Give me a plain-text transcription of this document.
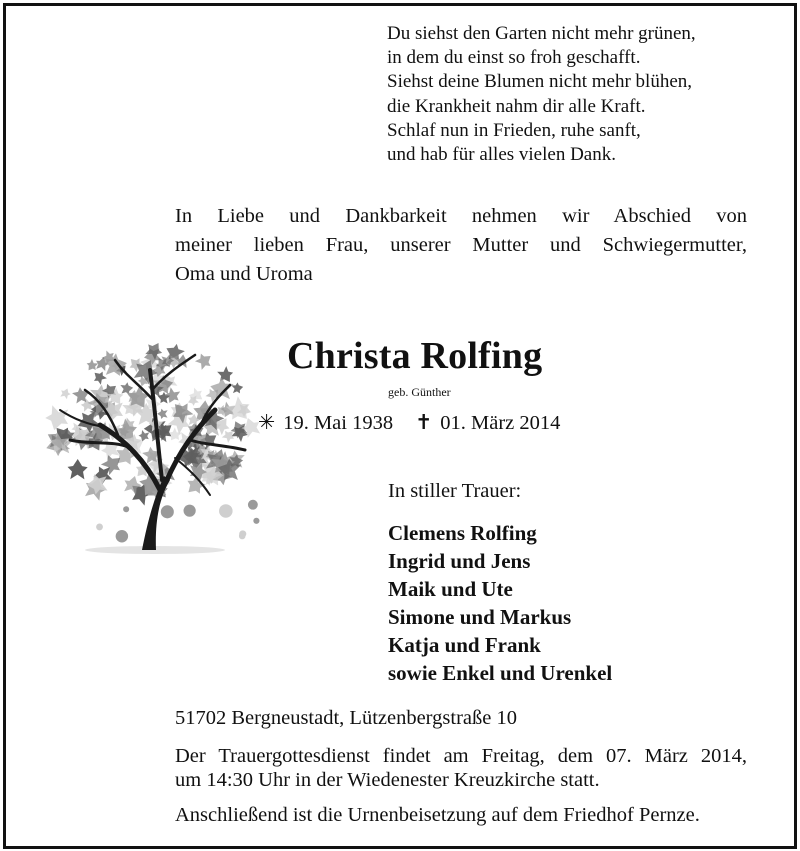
Du siehst den Garten nicht mehr grünen,
in dem du einst so froh geschafft.
Siehst deine Blumen nicht mehr blühen,
die Krankheit nahm dir alle Kraft.
Schlaf nun in Frieden, ruhe sanft,
und hab für alles vielen Dank.
In Liebe und Dankbarkeit nehmen wir Abschied von
meiner lieben Frau, unserer Mutter und Schwiegermutter,
Oma und Uroma
Christa Rolfing
geb. Günther
✳ 19. Mai 1938 ✝ 01. März 2014
In stiller Trauer:
Clemens Rolfing
Ingrid und Jens
Maik und Ute
Simone und Markus
Katja und Frank
sowie Enkel und Urenkel
51702 Bergneustadt, Lützenbergstraße 10
Der Trauergottesdienst findet am Freitag, dem 07. März 2014,
um 14:30 Uhr in der Wiedenester Kreuzkirche statt.
Anschließend ist die Urnenbeisetzung auf dem Friedhof Pernze.
